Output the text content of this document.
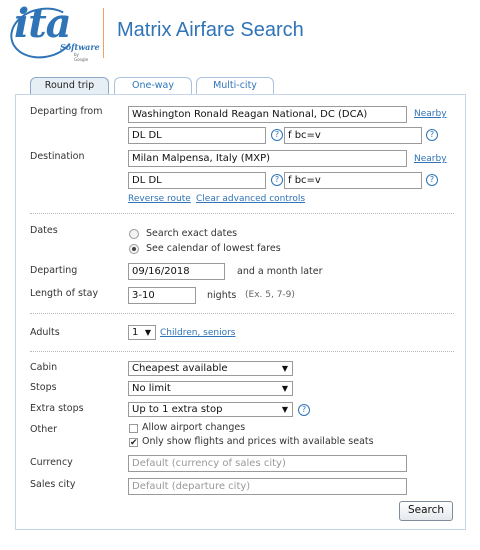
ita
Software
by Google
Matrix Airfare Search
Round trip	One-way	Multi-city
Departing from	Washington Ronald Reagan National, DC (DCA)	Nearby
DL DL	? f bc=v	?
Destination	Milan Malpensa, Italy (MXP)	Nearby
DL DL	? f bc=v	?
Reverse route Clear advanced controls
Dates	Search exact dates
See calendar of lowest fares
Departing	09/16/2018	and a month later
Length of stay	3-10	nights (Ex. 5, 7-9)
Adults	1 ▼ Children, seniors
Cabin	Cheapest available	▼
Stops	No limit	▼
Extra stops	Up to 1 extra stop	▼	?
Other	Allow airport changes
✔ Only show flights and prices with available seats
Currency	Default (currency of sales city)
Sales city	Default (departure city)
Search
